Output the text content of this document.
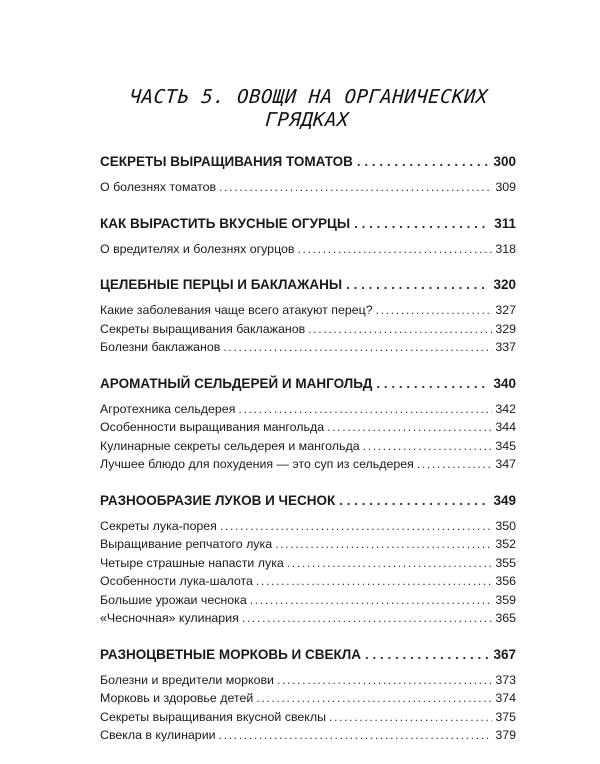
ЧАСТЬ 5. ОВОЩИ НА ОРГАНИЧЕСКИХ
ГРЯДКАХ
СЕКРЕТЫ ВЫРАЩИВАНИЯ ТОМАТОВ . . .	300
О болезнях томатов .....	309
КАК ВЫРАСТИТЬ ВКУСНЫЕ ОГУРЦЫ . . .	311
О вредителях и болезнях огурцов .....	318
ЦЕЛЕБНЫЕ ПЕРЦЫ И БАКЛАЖАНЫ . . .	320
Какие заболевания чаще всего атакуют перец? .....	327
Секреты выращивания баклажанов .....	329
Болезни баклажанов .....	337
АРОМАТНЫЙ СЕЛЬДЕРЕЙ И МАНГОЛЬД . . .	340
Агротехника сельдерея .....	342
Особенности выращивания мангольда .....	344
Кулинарные секреты сельдерея и мангольда .....	345
Лучшее блюдо для похудения — это суп из сельдерея .....	347
РАЗНООБРАЗИЕ ЛУКОВ И ЧЕСНОК . . .	349
Секреты лука-порея .....	350
Выращивание репчатого лука .....	352
Четыре страшные напасти лука .....	355
Особенности лука-шалота .....	356
Большие урожаи чеснока .....	359
«Чесночная» кулинария .....	365
РАЗНОЦВЕТНЫЕ МОРКОВЬ И СВЕКЛА . . .	367
Болезни и вредители моркови .....	373
Морковь и здоровье детей .....	374
Секреты выращивания вкусной свеклы .....	375
Свекла в кулинарии .....	379
